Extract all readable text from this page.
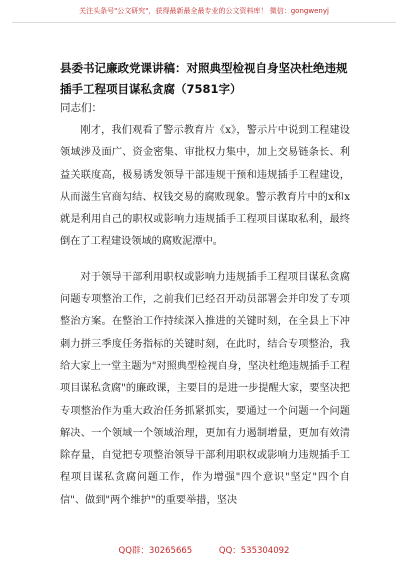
关注头条号"公文研究"，获得最新最全最专业的公文资料库！ 微信：gongwenyj
县委书记廉政党课讲稿：对照典型检视自身坚决杜绝违规插手工程项目谋私贪腐（7581字）
同志们：

刚才，我们观看了警示教育片《x》，警示片中说到工程建设领域涉及面广、资金密集、审批权力集中，加上交易链条长、利益关联度高，极易诱发领导干部违规干预和违规插手工程建设，从而滋生官商勾结、权钱交易的腐败现象。警示教育片中的x和x就是利用自己的职权或影响力违规插手工程项目谋取私利，最终倒在了工程建设领域的腐败泥潭中。

对于领导干部利用职权或影响力违规插手工程项目谋私贪腐问题专项整治工作，之前我们已经召开动员部署会并印发了专项整治方案。在整治工作持续深入推进的关键时刻，在全县上下冲刺力拼三季度任务指标的关键时刻，在此时，结合专项整治，我给大家上一堂主题为"对照典型检视自身，坚决杜绝违规插手工程项目谋私贪腐"的廉政课，主要目的是进一步提醒大家，要坚决把专项整治作为重大政治任务抓紧抓实，要通过一个问题一个问题解决、一个领域一个领域治理，更加有力遏制增量，更加有效清除存量，自觉把专项整治领导干部利用职权或影响力违规插手工程项目谋私贪腐问题工作，作为增强"四个意识"坚定"四个自信"、做到"两个维护"的重要举措，坚决

QQ群：30265665	QQ：535304092
